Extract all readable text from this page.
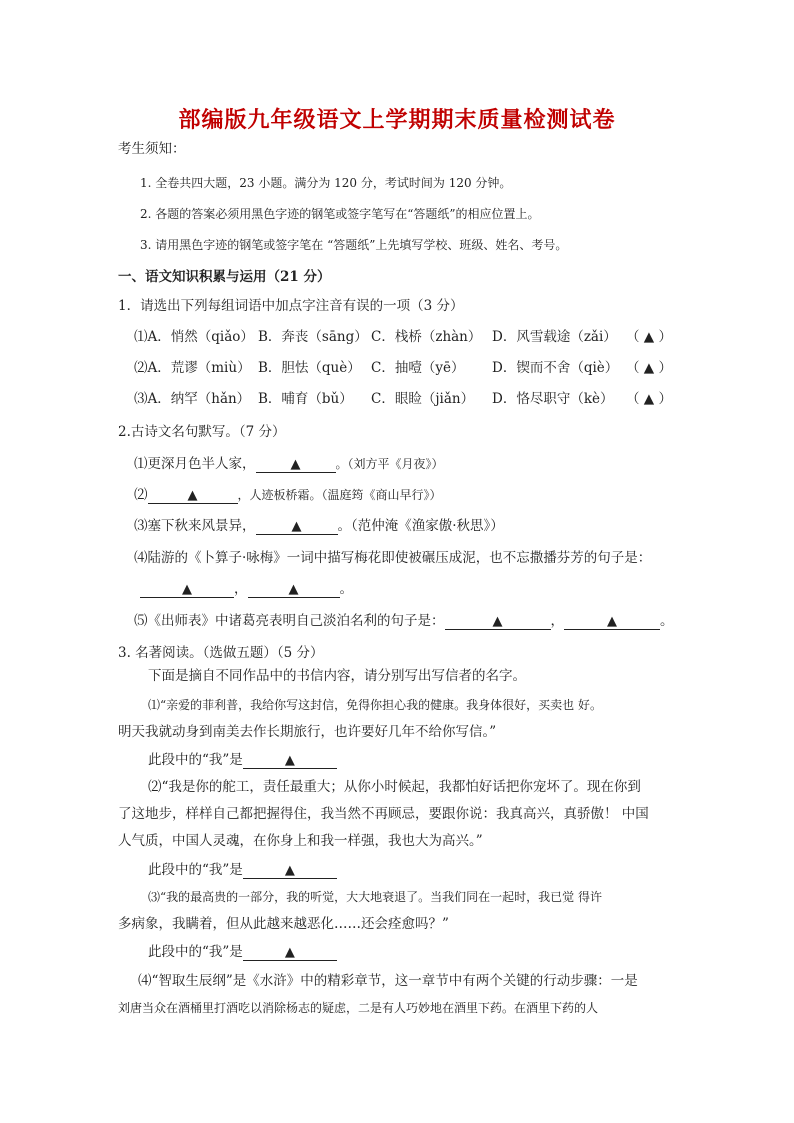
部编版九年级语文上学期期末质量检测试卷
考生须知：
1. 全卷共四大题，23 小题。满分为 120 分，考试时间为 120 分钟。
2. 各题的答案必须用黑色字迹的钢笔或签字笔写在“答题纸”的相应位置上。
3. 请用黑色字迹的钢笔或签字笔在 “答题纸”上先填写学校、班级、姓名、考号。
一、语文知识积累与运用（21 分）
1．请选出下列每组词语中加点字注音有误的一项（3 分）
⑴A．悄然（qiǎo） B．奔丧（sāng） C．栈桥（zhàn） D．风雪载途（zǎi） （ ▲ ）
⑵A．荒谬（miù） B．胆怯（què） C．抽噎（yē） D．锲而不舍（qiè） （ ▲ ）
⑶A．纳罕（hǎn） B．哺育（bǔ） C．眼睑（jiǎn） D．恪尽职守（kè） （ ▲ ）
2.古诗文名句默写。（7 分）
⑴更深月色半人家，	▲	。（刘方平《月夜》）
⑵	▲	，人迹板桥霜。（温庭筠《商山早行》）
⑶塞下秋来风景异，	▲	。（范仲淹《渔家傲·秋思》）
⑷陆游的《卜算子·咏梅》一词中描写梅花即使被碾压成泥，也不忘撒播芬芳的句子是：
▲	，	▲	。
⑸《出师表》中诸葛亮表明自己淡泊名利的句子是：	▲	，	▲	。
3. 名著阅读。（选做五题）（5 分）
下面是摘自不同作品中的书信内容，请分别写出写信者的名字。
⑴“亲爱的菲利普，我给你写这封信，免得你担心我的健康。我身体很好，买卖也 好。
明天我就动身到南美去作长期旅行，也许要好几年不给你写信。”
此段中的“我”是	▲
⑵“我是你的舵工，责任最重大；从你小时候起，我都怕好话把你宠坏了。现在你到
了这地步，样样自己都把握得住，我当然不再顾忌，要跟你说：我真高兴，真骄傲！ 中国
人气质，中国人灵魂，在你身上和我一样强，我也大为高兴。”
此段中的“我”是	▲
⑶“我的最高贵的一部分，我的听觉，大大地衰退了。当我们同在一起时，我已觉 得许
多病象，我瞒着，但从此越来越恶化……还会痊愈吗？”
此段中的“我”是	▲
⑷“智取生辰纲”是《水浒》中的精彩章节，这一章节中有两个关键的行动步骤：一是
刘唐当众在酒桶里打酒吃以消除杨志的疑虑，二是有人巧妙地在酒里下药。在酒里下药的人
